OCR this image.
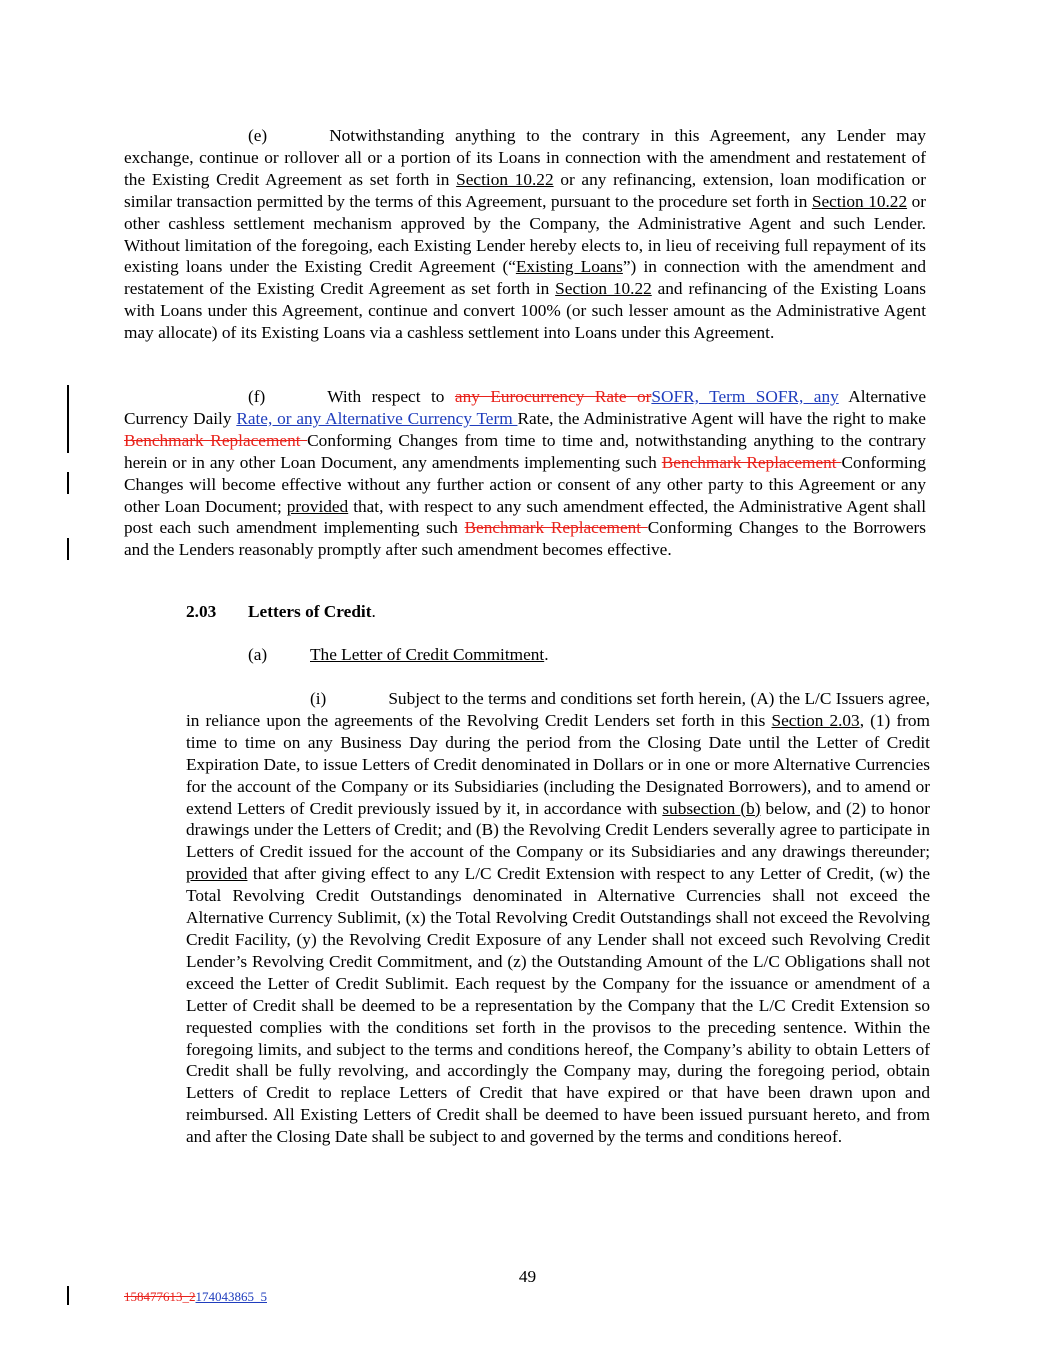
(e)	Notwithstanding anything to the contrary in this Agreement, any Lender may exchange, continue or rollover all or a portion of its Loans in connection with the amendment and restatement of the Existing Credit Agreement as set forth in Section 10.22 or any refinancing, extension, loan modification or similar transaction permitted by the terms of this Agreement, pursuant to the procedure set forth in Section 10.22 or other cashless settlement mechanism approved by the Company, the Administrative Agent and such Lender. Without limitation of the foregoing, each Existing Lender hereby elects to, in lieu of receiving full repayment of its existing loans under the Existing Credit Agreement (“Existing Loans”) in connection with the amendment and restatement of the Existing Credit Agreement as set forth in Section 10.22 and refinancing of the Existing Loans with Loans under this Agreement, continue and convert 100% (or such lesser amount as the Administrative Agent may allocate) of its Existing Loans via a cashless settlement into Loans under this Agreement.
(f)	With respect to any Eurocurrency Rate orSOFR, Term SOFR, any Alternative Currency Daily Rate, or any Alternative Currency Term Rate, the Administrative Agent will have the right to make Benchmark Replacement Conforming Changes from time to time and, notwithstanding anything to the contrary herein or in any other Loan Document, any amendments implementing such Benchmark Replacement Conforming Changes will become effective without any further action or consent of any other party to this Agreement or any other Loan Document; provided that, with respect to any such amendment effected, the Administrative Agent shall post each such amendment implementing such Benchmark Replacement Conforming Changes to the Borrowers and the Lenders reasonably promptly after such amendment becomes effective.
2.03 Letters of Credit.
(a) The Letter of Credit Commitment.
(i)	Subject to the terms and conditions set forth herein, (A) the L/C Issuers agree, in reliance upon the agreements of the Revolving Credit Lenders set forth in this Section 2.03, (1) from time to time on any Business Day during the period from the Closing Date until the Letter of Credit Expiration Date, to issue Letters of Credit denominated in Dollars or in one or more Alternative Currencies for the account of the Company or its Subsidiaries (including the Designated Borrowers), and to amend or extend Letters of Credit previously issued by it, in accordance with subsection (b) below, and (2) to honor drawings under the Letters of Credit; and (B) the Revolving Credit Lenders severally agree to participate in Letters of Credit issued for the account of the Company or its Subsidiaries and any drawings thereunder; provided that after giving effect to any L/C Credit Extension with respect to any Letter of Credit, (w) the Total Revolving Credit Outstandings denominated in Alternative Currencies shall not exceed the Alternative Currency Sublimit, (x) the Total Revolving Credit Outstandings shall not exceed the Revolving Credit Facility, (y) the Revolving Credit Exposure of any Lender shall not exceed such Revolving Credit Lender’s Revolving Credit Commitment, and (z) the Outstanding Amount of the L/C Obligations shall not exceed the Letter of Credit Sublimit. Each request by the Company for the issuance or amendment of a Letter of Credit shall be deemed to be a representation by the Company that the L/C Credit Extension so requested complies with the conditions set forth in the provisos to the preceding sentence. Within the foregoing limits, and subject to the terms and conditions hereof, the Company’s ability to obtain Letters of Credit shall be fully revolving, and accordingly the Company may, during the foregoing period, obtain Letters of Credit to replace Letters of Credit that have expired or that have been drawn upon and reimbursed. All Existing Letters of Credit shall be deemed to have been issued pursuant hereto, and from and after the Closing Date shall be subject to and governed by the terms and conditions hereof.
49
158477613_2174043865_5
